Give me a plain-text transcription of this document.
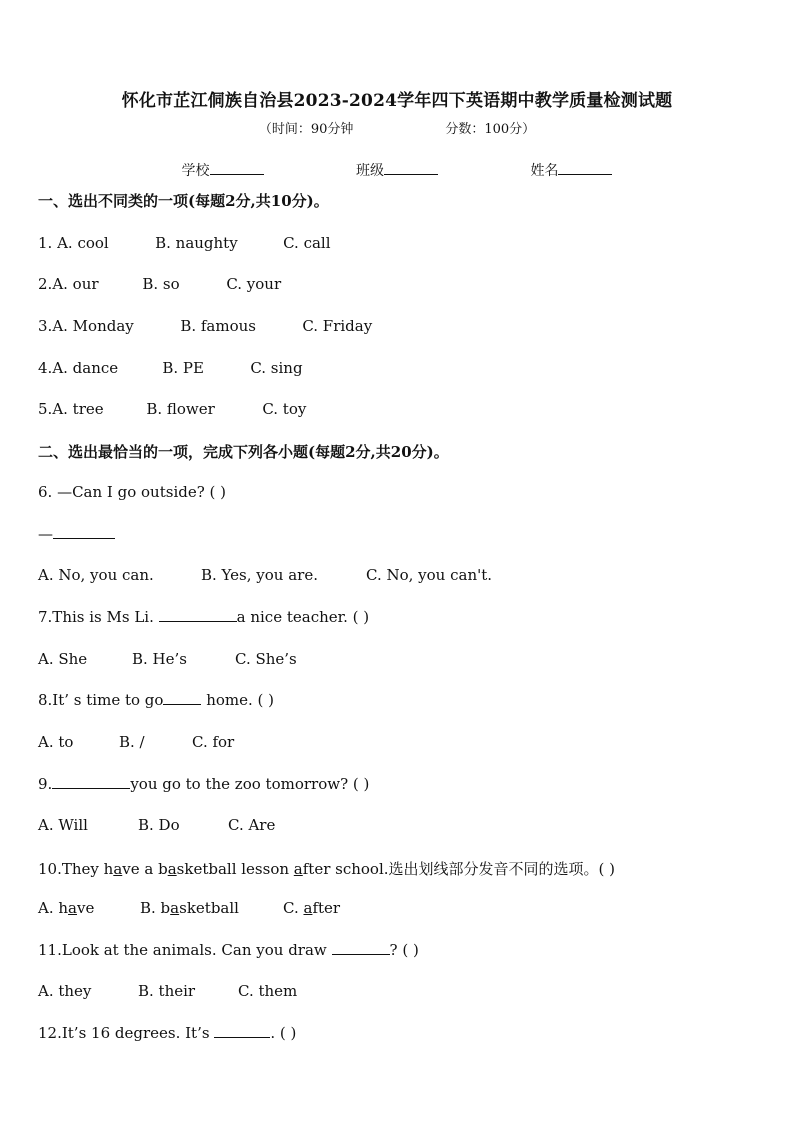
怀化市芷江侗族自治县2023-2024学年四下英语期中教学质量检测试题
（时间：90分钟	分数：100分）
学校	班级	姓名
一、选出不同类的一项(每题2分,共10分)。
1. A. cool	B. naughty	C. call
2.A. our	B. so	C. your
3.A. Monday	B. famous	C. Friday
4.A. dance	B. PE	C. sing
5.A. tree	B. flower	C. toy
二、选出最恰当的一项，完成下列各小题(每题2分,共20分)。
6. —Can I go outside? ( )
—
A. No, you can.	B. Yes, you are.	C. No, you can't.
7.This is Ms Li.	a nice teacher. ( )
A. She	B. He’s	C. She’s
8.It’ s time to go	home. ( )
A. to	B. /	C. for
9.	you go to the zoo tomorrow? ( )
A. Will	B. Do	C. Are
10.They have a basketball lesson after school.选出划线部分发音不同的选项。( )
A. have	B. basketball	C. after
11.Look at the animals. Can you draw	? ( )
A. they	B. their	C. them
12.It’s 16 degrees. It’s	. ( )
